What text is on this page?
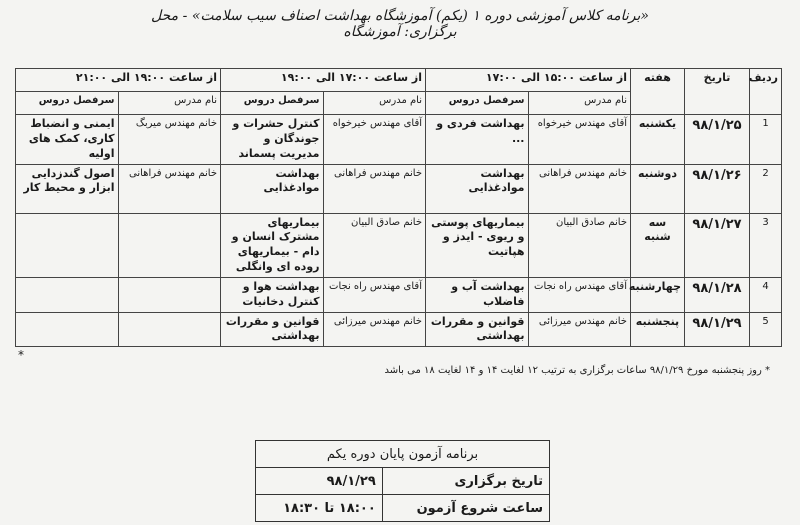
«برنامه کلاس آموزشی دوره ۱ (یکم) آموزشگاه بهداشت اصناف سیب سلامت» - محل برگزاری: آموزشگاه
ردیف	تاریخ	هفته	از ساعت ۱۵:۰۰ الی ۱۷:۰۰		از ساعت ۱۷:۰۰ الی ۱۹:۰۰		از ساعت ۱۹:۰۰ الی ۲۱:۰۰	
			نام مدرس	سرفصل دروس	نام مدرس	سرفصل دروس	نام مدرس	سرفصل دروس
1	۹۸/۱/۲۵	یکشنبه	آقای مهندس خیرخواه	بهداشت فردی و ...	آقای مهندس خیرخواه	کنترل حشرات و جوندگان و مدیریت پسماند	خانم مهندس میربگ	ایمنی و انضباط کاری، کمک های اولیه
2	۹۸/۱/۲۶	دوشنبه	خانم مهندس فراهانی	بهداشت موادغذایی	خانم مهندس فراهانی	بهداشت موادغذایی	خانم مهندس فراهانی	اصول گندزدایی ابزار و محیط کار
3	۹۸/۱/۲۷	سه شنبه	خانم صادق البیان	بیماریهای پوستی و ریوی - ایدز و هپاتیت	خانم صادق البیان	بیماریهای مشترک انسان و دام - بیماریهای روده ای وانگلی		
4	۹۸/۱/۲۸	چهارشنبه	آقای مهندس راه نجات	بهداشت آب و فاضلاب	آقای مهندس راه نجات	بهداشت هوا و کنترل دخانیات		
5	۹۸/۱/۲۹	پنجشنبه	خانم مهندس میرزائی	قوانین و مقررات بهداشتی	خانم مهندس میرزائی	قوانین و مقررات بهداشتی		
*
* روز پنجشنبه مورخ ۹۸/۱/۲۹ ساعات برگزاری به ترتیب ۱۲ لغایت ۱۴ و ۱۴ لغایت ۱۸ می باشد
برنامه آزمون پایان دوره یکم	
تاریخ برگزاری	۹۸/۱/۲۹
ساعت شروع آزمون	۱۸:۰۰ تا ۱۸:۳۰
